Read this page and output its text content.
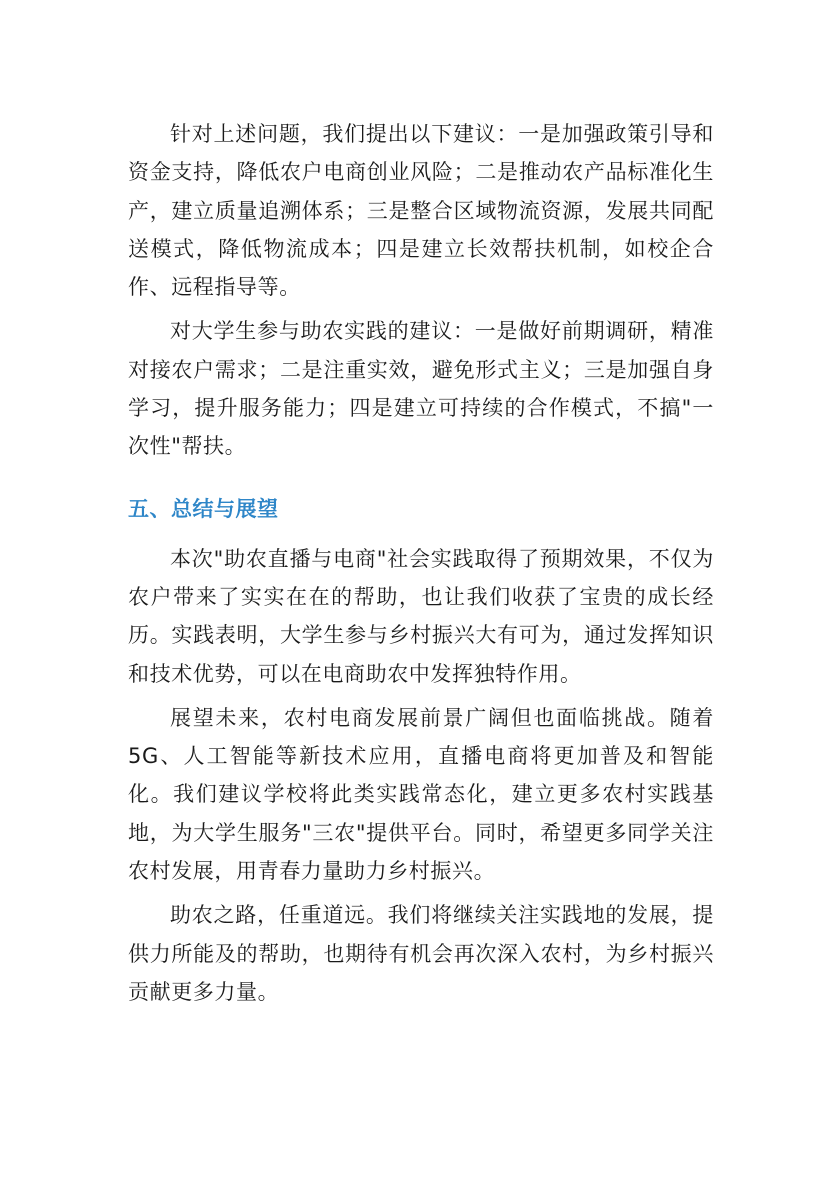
针对上述问题，我们提出以下建议：一是加强政策引导和资金支持，降低农户电商创业风险；二是推动农产品标准化生产，建立质量追溯体系；三是整合区域物流资源，发展共同配送模式，降低物流成本；四是建立长效帮扶机制，如校企合作、远程指导等。

对大学生参与助农实践的建议：一是做好前期调研，精准对接农户需求；二是注重实效，避免形式主义；三是加强自身学习，提升服务能力；四是建立可持续的合作模式，不搞"一次性"帮扶。

五、总结与展望

本次"助农直播与电商"社会实践取得了预期效果，不仅为农户带来了实实在在的帮助，也让我们收获了宝贵的成长经历。实践表明，大学生参与乡村振兴大有可为，通过发挥知识和技术优势，可以在电商助农中发挥独特作用。

展望未来，农村电商发展前景广阔但也面临挑战。随着5G、人工智能等新技术应用，直播电商将更加普及和智能化。我们建议学校将此类实践常态化，建立更多农村实践基地，为大学生服务"三农"提供平台。同时，希望更多同学关注农村发展，用青春力量助力乡村振兴。

助农之路，任重道远。我们将继续关注实践地的发展，提供力所能及的帮助，也期待有机会再次深入农村，为乡村振兴贡献更多力量。
